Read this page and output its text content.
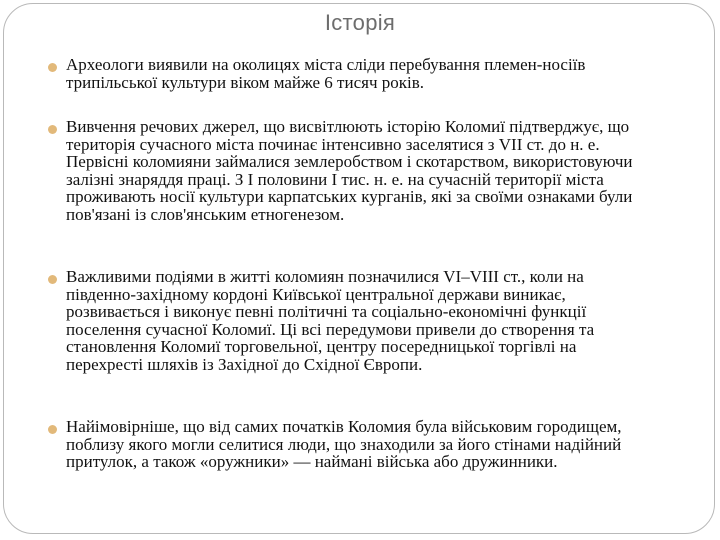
Історія
Археологи виявили на околицях міста сліди перебування племен-носіїв трипільської культури віком майже 6 тисяч років.
Вивчення речових джерел, що висвітлюють історію Коломиї підтверджує, що територія сучасного міста починає інтенсивно заселятися з VII ст. до н. е. Первісні коломияни займалися землеробством і скотарством, використовуючи залізні знаряддя праці. З I половини I тис. н. е. на сучасній території міста проживають носії культури карпатських курганів, які за своїми ознаками були пов'язані із слов'янським етногенезом.
Важливими подіями в житті коломиян позначилися VI–VIII ст., коли на південно-західному кордоні Київської центральної держави виникає, розвивається і виконує певні політичні та соціально-економічні функції поселення сучасної Коломиї. Ці всі передумови привели до створення та становлення Коломиї торговельної, центру посередницької торгівлі на перехресті шляхів із Західної до Східної Європи.
Найімовірніше, що від самих початків Коломия була військовим городищем, поблизу якого могли селитися люди, що знаходили за його стінами надійний притулок, а також «оружники» — наймані війська або дружинники.
